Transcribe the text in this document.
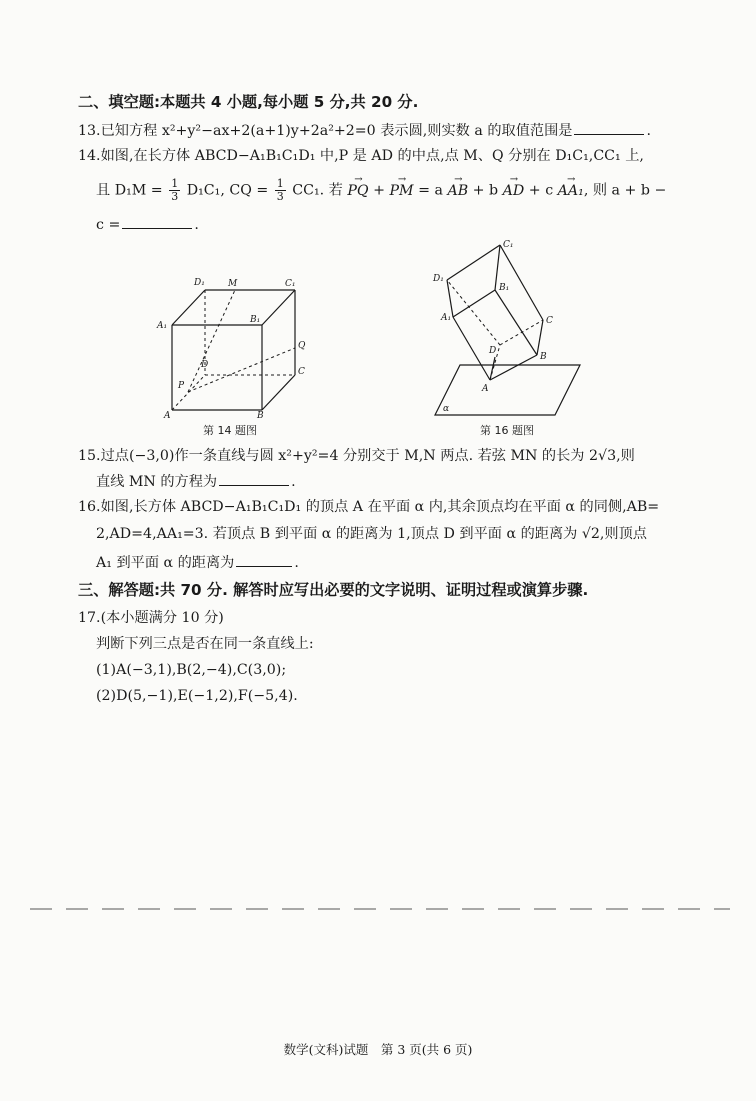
二、填空题:本题共 4 小题,每小题 5 分,共 20 分.
13.已知方程 x²+y²−ax+2(a+1)y+2a²+2=0 表示圆,则实数 a 的取值范围是	.
14.如图,在长方体 ABCD−A₁B₁C₁D₁ 中,P 是 AD 的中点,点 M、Q 分别在 D₁C₁,CC₁ 上,
且 $D_1M = \frac{1}{3} D_1C_1$, CQ = $\frac{1}{3} CC_1$. 若 → PQ + → PM = a → AB + b → AD + c → AA₁, 则 a + b −
c =	.
D₁	M	C₁
A₁
B₁
Q
D
C
P
A	B
第 14 题图
C₁
D₁
B₁
A₁	C
D
B
A
α
第 16 题图
15.过点(−3,0)作一条直线与圆 x²+y²=4 分别交于 M,N 两点. 若弦 MN 的长为 2√3,则
直线 MN 的方程为	.
16.如图,长方体 ABCD−A₁B₁C₁D₁ 的顶点 A 在平面 α 内,其余顶点均在平面 α 的同侧,AB=
2,AD=4,AA₁=3. 若顶点 B 到平面 α 的距离为 1,顶点 D 到平面 α 的距离为 √2,则顶点
A₁ 到平面 α 的距离为	.
三、解答题:共 70 分. 解答时应写出必要的文字说明、证明过程或演算步骤.
17.(本小题满分 10 分)
判断下列三点是否在同一条直线上:
(1)A(−3,1),B(2,−4),C(3,0);
(2)D(5,−1),E(−1,2),F(−5,4).
数学(文科)试题　第 3 页(共 6 页)
